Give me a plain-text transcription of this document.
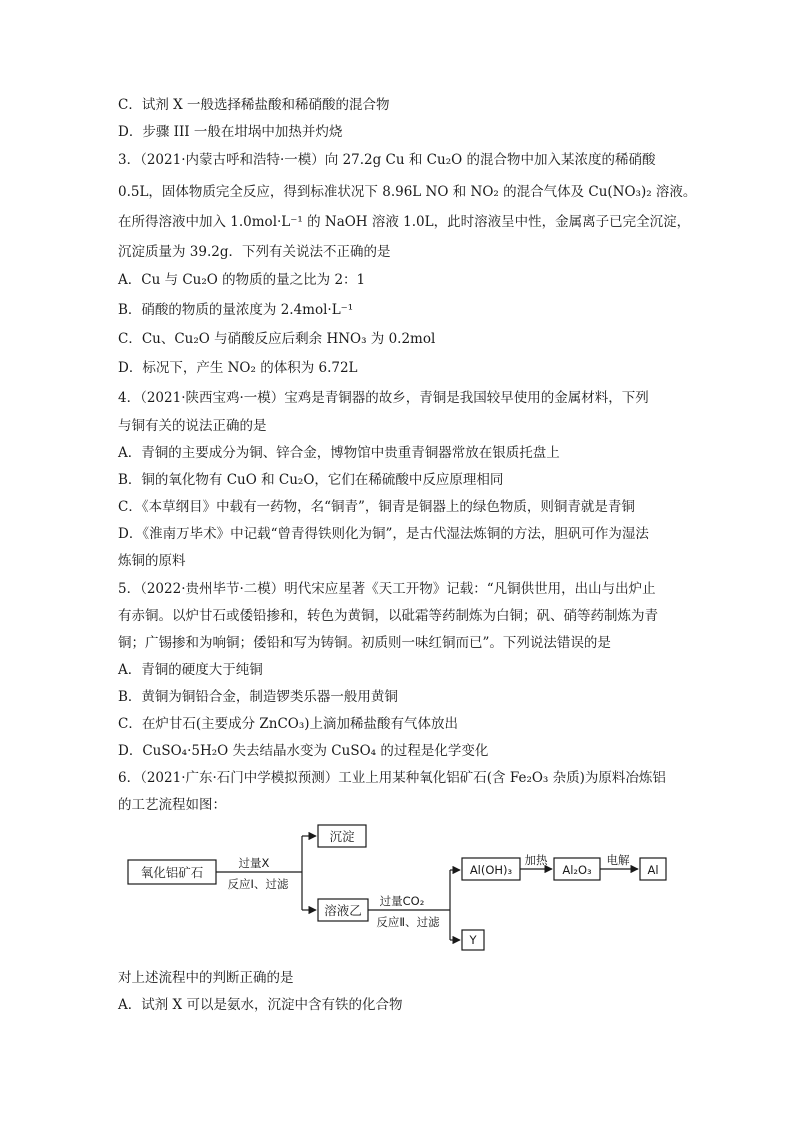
C．试剂 X 一般选择稀盐酸和稀硝酸的混合物
D．步骤 III 一般在坩埚中加热并灼烧
3．（2021·内蒙古呼和浩特·一模）向 27.2g Cu 和 Cu₂O 的混合物中加入某浓度的稀硝酸
0.5L，固体物质完全反应，得到标准状况下 8.96L NO 和 NO₂ 的混合气体及 Cu(NO₃)₂ 溶液。
在所得溶液中加入 1.0mol·L⁻¹ 的 NaOH 溶液 1.0L，此时溶液呈中性，金属离子已完全沉淀，
沉淀质量为 39.2g．下列有关说法不正确的是
A．Cu 与 Cu₂O 的物质的量之比为 2：1
B．硝酸的物质的量浓度为 2.4mol·L⁻¹
C．Cu、Cu₂O 与硝酸反应后剩余 HNO₃ 为 0.2mol
D．标况下，产生 NO₂ 的体积为 6.72L
4．（2021·陕西宝鸡·一模）宝鸡是青铜器的故乡，青铜是我国较早使用的金属材料，下列
与铜有关的说法正确的是
A．青铜的主要成分为铜、锌合金，博物馆中贵重青铜器常放在银质托盘上
B．铜的氧化物有 CuO 和 Cu₂O，它们在稀硫酸中反应原理相同
C．《本草纲目》中载有一药物，名“铜青”，铜青是铜器上的绿色物质，则铜青就是青铜
D．《淮南万毕术》中记载“曾青得铁则化为铜”，是古代湿法炼铜的方法，胆矾可作为湿法
炼铜的原料
5．（2022·贵州毕节·二模）明代宋应星著《天工开物》记载：“凡铜供世用，出山与出炉止
有赤铜。以炉甘石或倭铅掺和，转色为黄铜，以砒霜等药制炼为白铜；矾、硝等药制炼为青
铜；广锡掺和为响铜；倭铅和写为铸铜。初质则一味红铜而已”。下列说法错误的是
A．青铜的硬度大于纯铜
B．黄铜为铜铅合金，制造锣类乐器一般用黄铜
C．在炉甘石(主要成分 ZnCO₃)上滴加稀盐酸有气体放出
D．CuSO₄·5H₂O 失去结晶水变为 CuSO₄ 的过程是化学变化
6．（2021·广东·石门中学模拟预测）工业上用某种氧化铝矿石(含 Fe₂O₃ 杂质)为原料冶炼铝
的工艺流程如图：
氧化铝矿石
沉淀
溶液乙
Al(OH)₃	Al₂O₃	Al
Y
过量X
反应Ⅰ、过滤
过量CO₂
反应Ⅱ、过滤
加热	电解
对上述流程中的判断正确的是
A．试剂 X 可以是氨水，沉淀中含有铁的化合物
